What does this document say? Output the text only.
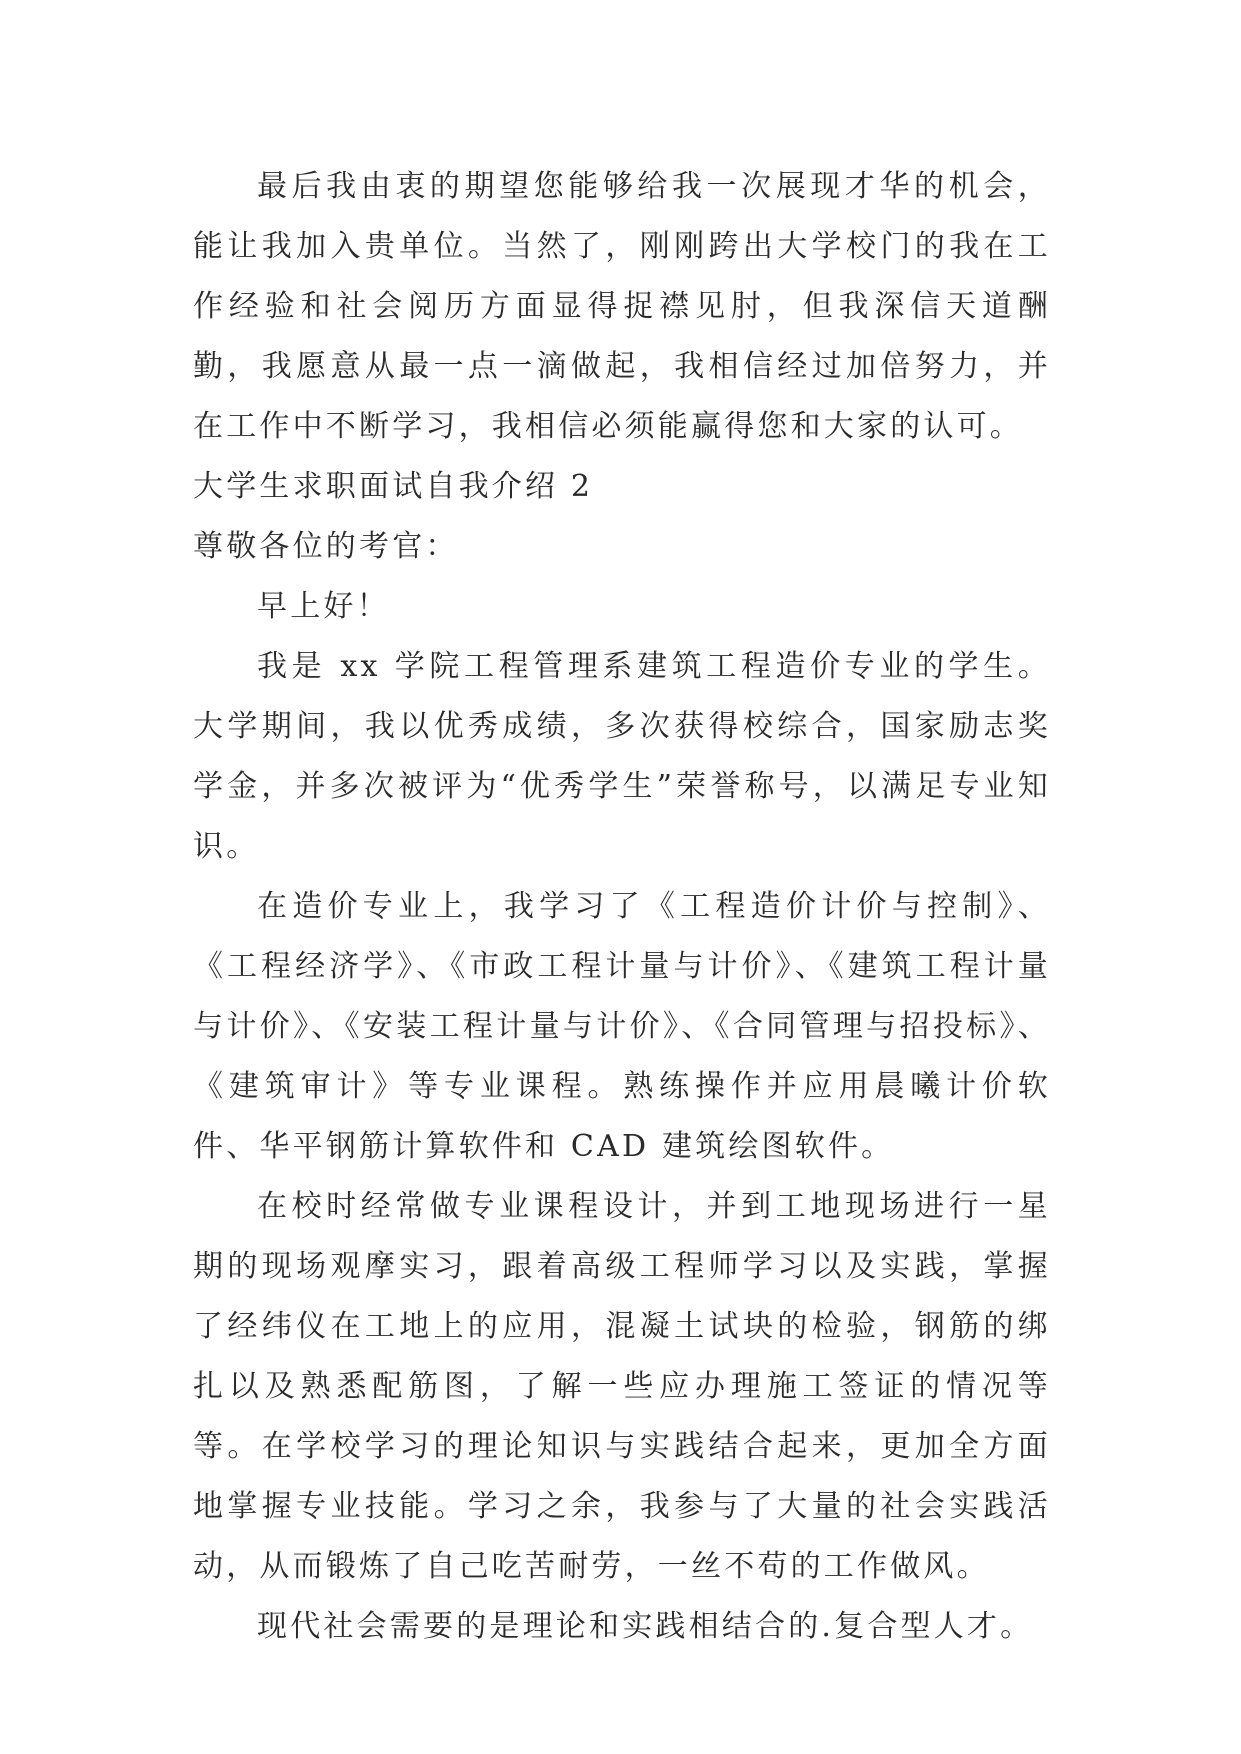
最后我由衷的期望您能够给我一次展现才华的机会，能让我加入贵单位。当然了，刚刚跨出大学校门的我在工作经验和社会阅历方面显得捉襟见肘，但我深信天道酬勤，我愿意从最一点一滴做起，我相信经过加倍努力，并在工作中不断学习，我相信必须能赢得您和大家的认可。

大学生求职面试自我介绍 2

尊敬各位的考官：

早上好！

我是 xx 学院工程管理系建筑工程造价专业的学生。大学期间，我以优秀成绩，多次获得校综合，国家励志奖学金，并多次被评为“优秀学生”荣誉称号，以满足专业知识。

在造价专业上，我学习了《工程造价计价与控制》、《工程经济学》、《市政工程计量与计价》、《建筑工程计量与计价》、《安装工程计量与计价》、《合同管理与招投标》、《建筑审计》等专业课程。熟练操作并应用晨曦计价软件、华平钢筋计算软件和 CAD 建筑绘图软件。

在校时经常做专业课程设计，并到工地现场进行一星期的现场观摩实习，跟着高级工程师学习以及实践，掌握了经纬仪在工地上的应用，混凝土试块的检验，钢筋的绑扎以及熟悉配筋图，了解一些应办理施工签证的情况等等。在学校学习的理论知识与实践结合起来，更加全方面地掌握专业技能。学习之余，我参与了大量的社会实践活动，从而锻炼了自己吃苦耐劳，一丝不苟的工作做风。

现代社会需要的是理论和实践相结合的.复合型人才。
